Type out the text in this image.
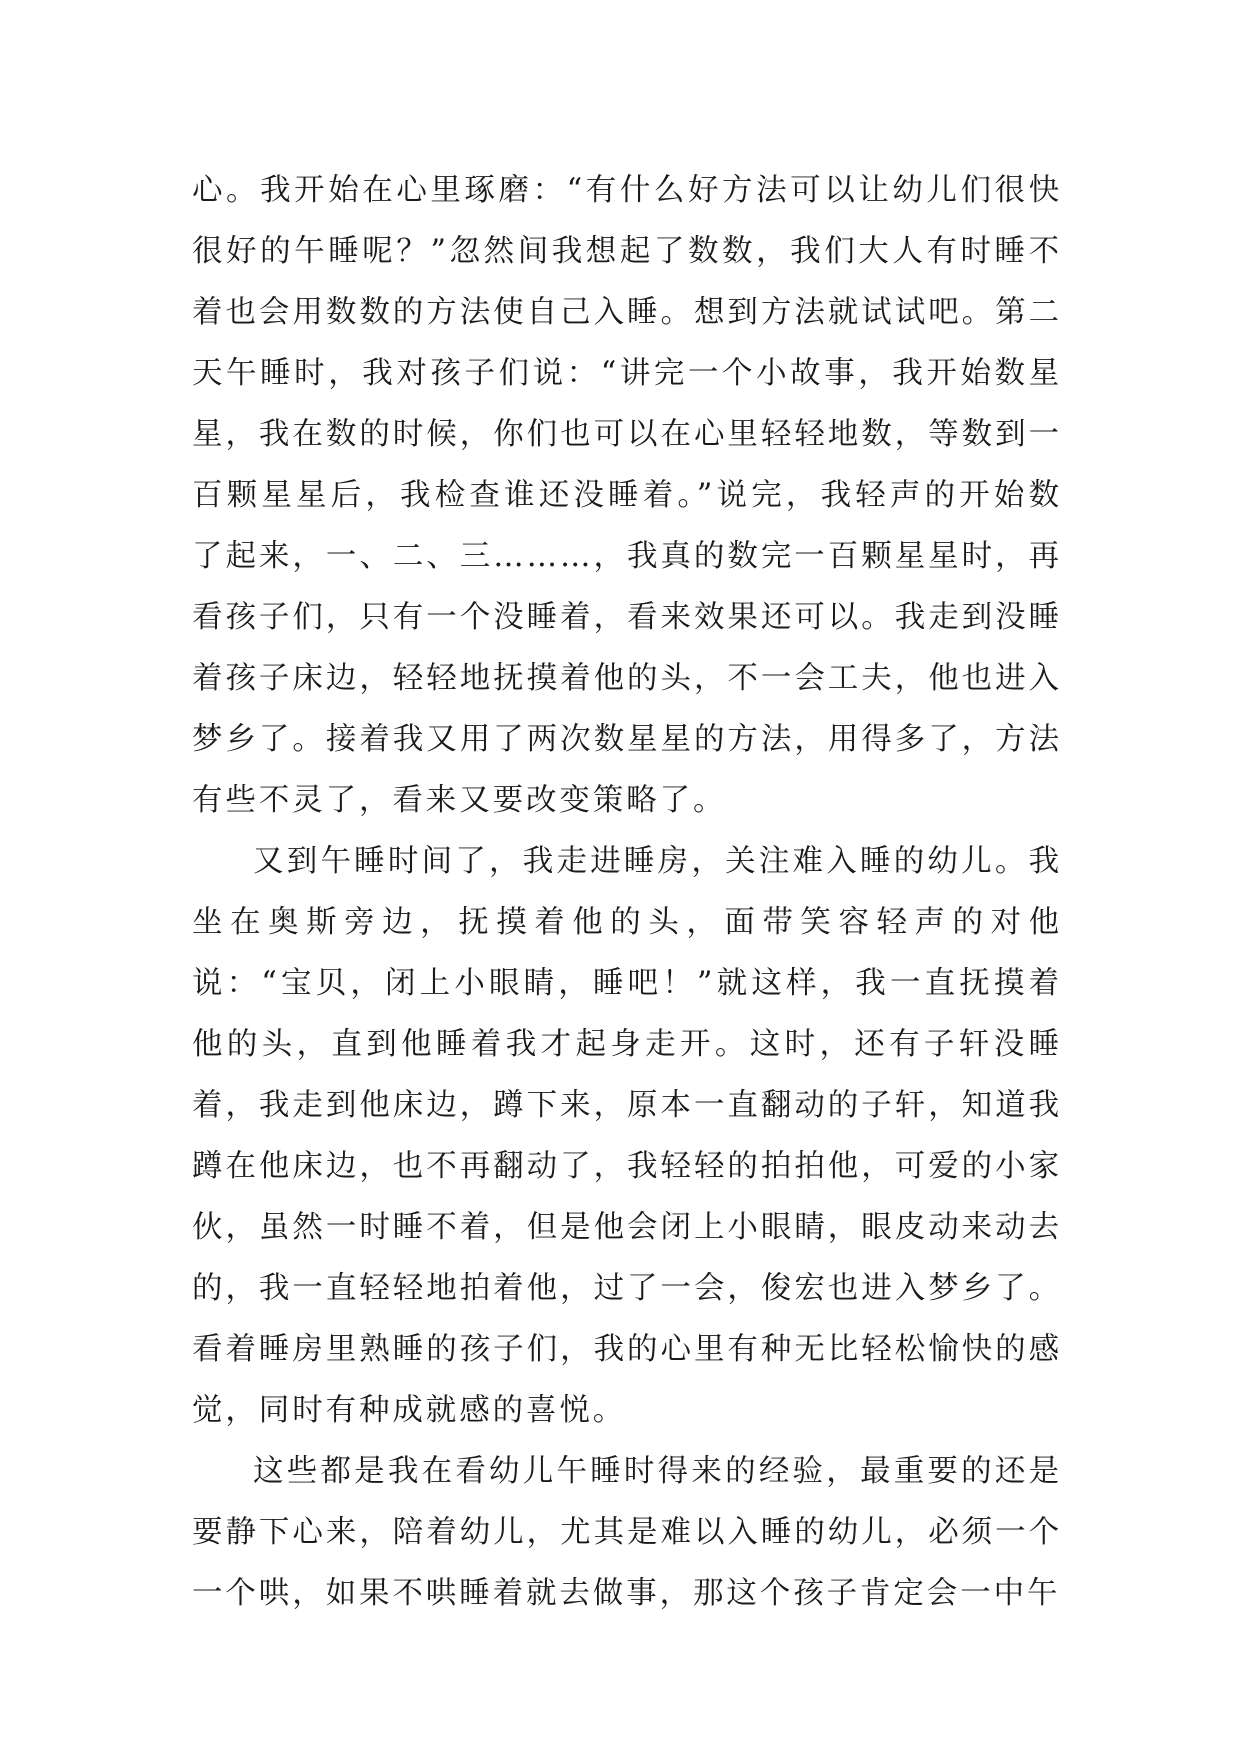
心。我开始在心里琢磨：“有什么好方法可以让幼儿们很快很好的午睡呢？”忽然间我想起了数数，我们大人有时睡不着也会用数数的方法使自己入睡。想到方法就试试吧。第二天午睡时，我对孩子们说：“讲完一个小故事，我开始数星星，我在数的时候，你们也可以在心里轻轻地数，等数到一百颗星星后，我检查谁还没睡着。”说完，我轻声的开始数了起来，一、二、三………，我真的数完一百颗星星时，再看孩子们，只有一个没睡着，看来效果还可以。我走到没睡着孩子床边，轻轻地抚摸着他的头，不一会工夫，他也进入梦乡了。接着我又用了两次数星星的方法，用得多了，方法有些不灵了，看来又要改变策略了。

又到午睡时间了，我走进睡房，关注难入睡的幼儿。我坐在奥斯旁边，抚摸着他的头，面带笑容轻声的对他说：“宝贝，闭上小眼睛，睡吧！”就这样，我一直抚摸着他的头，直到他睡着我才起身走开。这时，还有子轩没睡着，我走到他床边，蹲下来，原本一直翻动的子轩，知道我蹲在他床边，也不再翻动了，我轻轻的拍拍他，可爱的小家伙，虽然一时睡不着，但是他会闭上小眼睛，眼皮动来动去的，我一直轻轻地拍着他，过了一会，俊宏也进入梦乡了。看着睡房里熟睡的孩子们，我的心里有种无比轻松愉快的感觉，同时有种成就感的喜悦。

这些都是我在看幼儿午睡时得来的经验，最重要的还是要静下心来，陪着幼儿，尤其是难以入睡的幼儿，必须一个一个哄，如果不哄睡着就去做事，那这个孩子肯定会一中午
